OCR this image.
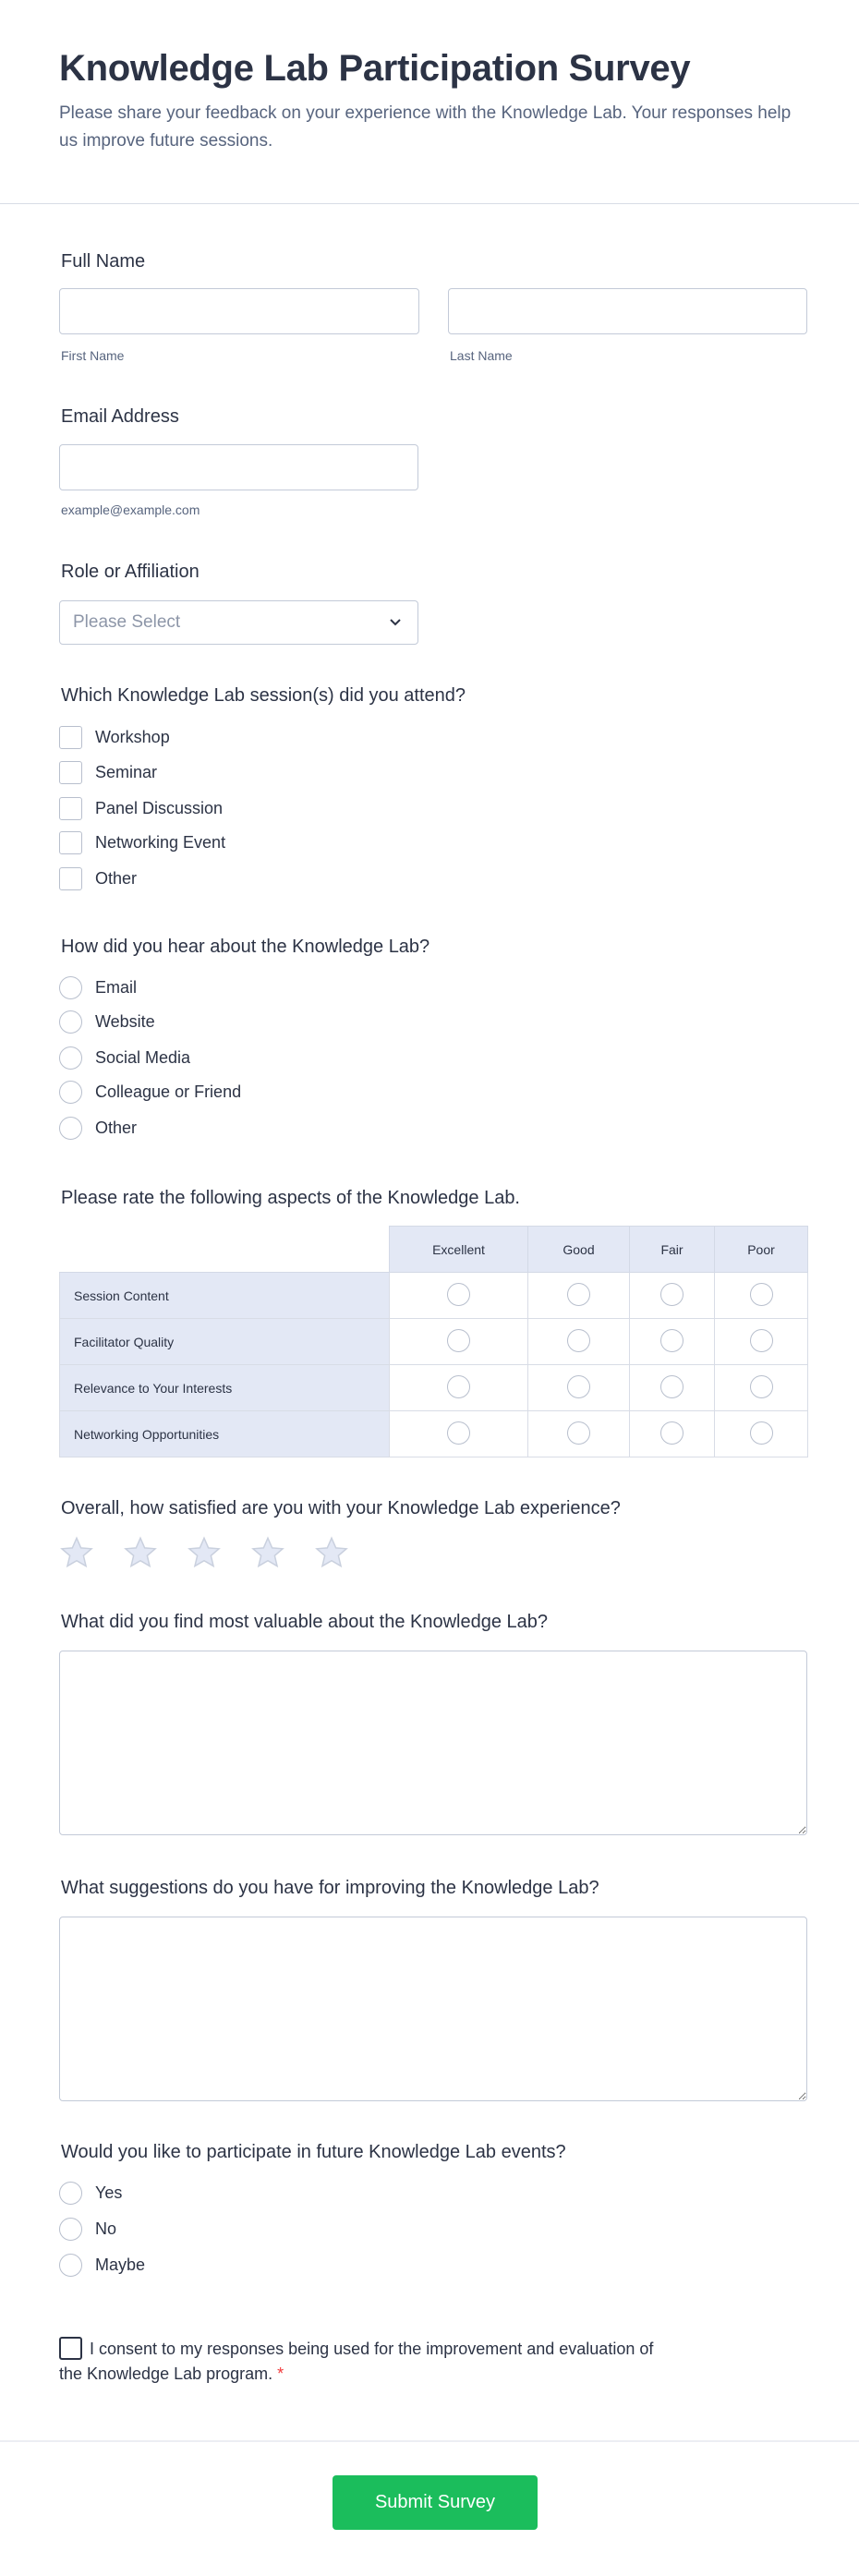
Knowledge Lab Participation Survey

Please share your feedback on your experience with the Knowledge Lab. Your responses help us improve future sessions.

Full Name
First Name	Last Name
Email Address
example@example.com
Role or Affiliation
Please Select
Which Knowledge Lab session(s) did you attend?
Workshop
Seminar
Panel Discussion
Networking Event
Other
How did you hear about the Knowledge Lab?
Email
Website
Social Media
Colleague or Friend
Other
Please rate the following aspects of the Knowledge Lab.
	Excellent	Good	Fair	Poor
Session Content				
Facilitator Quality				
Relevance to Your Interests				
Networking Opportunities				
Overall, how satisfied are you with your Knowledge Lab experience?
What did you find most valuable about the Knowledge Lab?
What suggestions do you have for improving the Knowledge Lab?
Would you like to participate in future Knowledge Lab events?
Yes
No
Maybe
I consent to my responses being used for the improvement and evaluation of the Knowledge Lab program. *
Submit Survey
